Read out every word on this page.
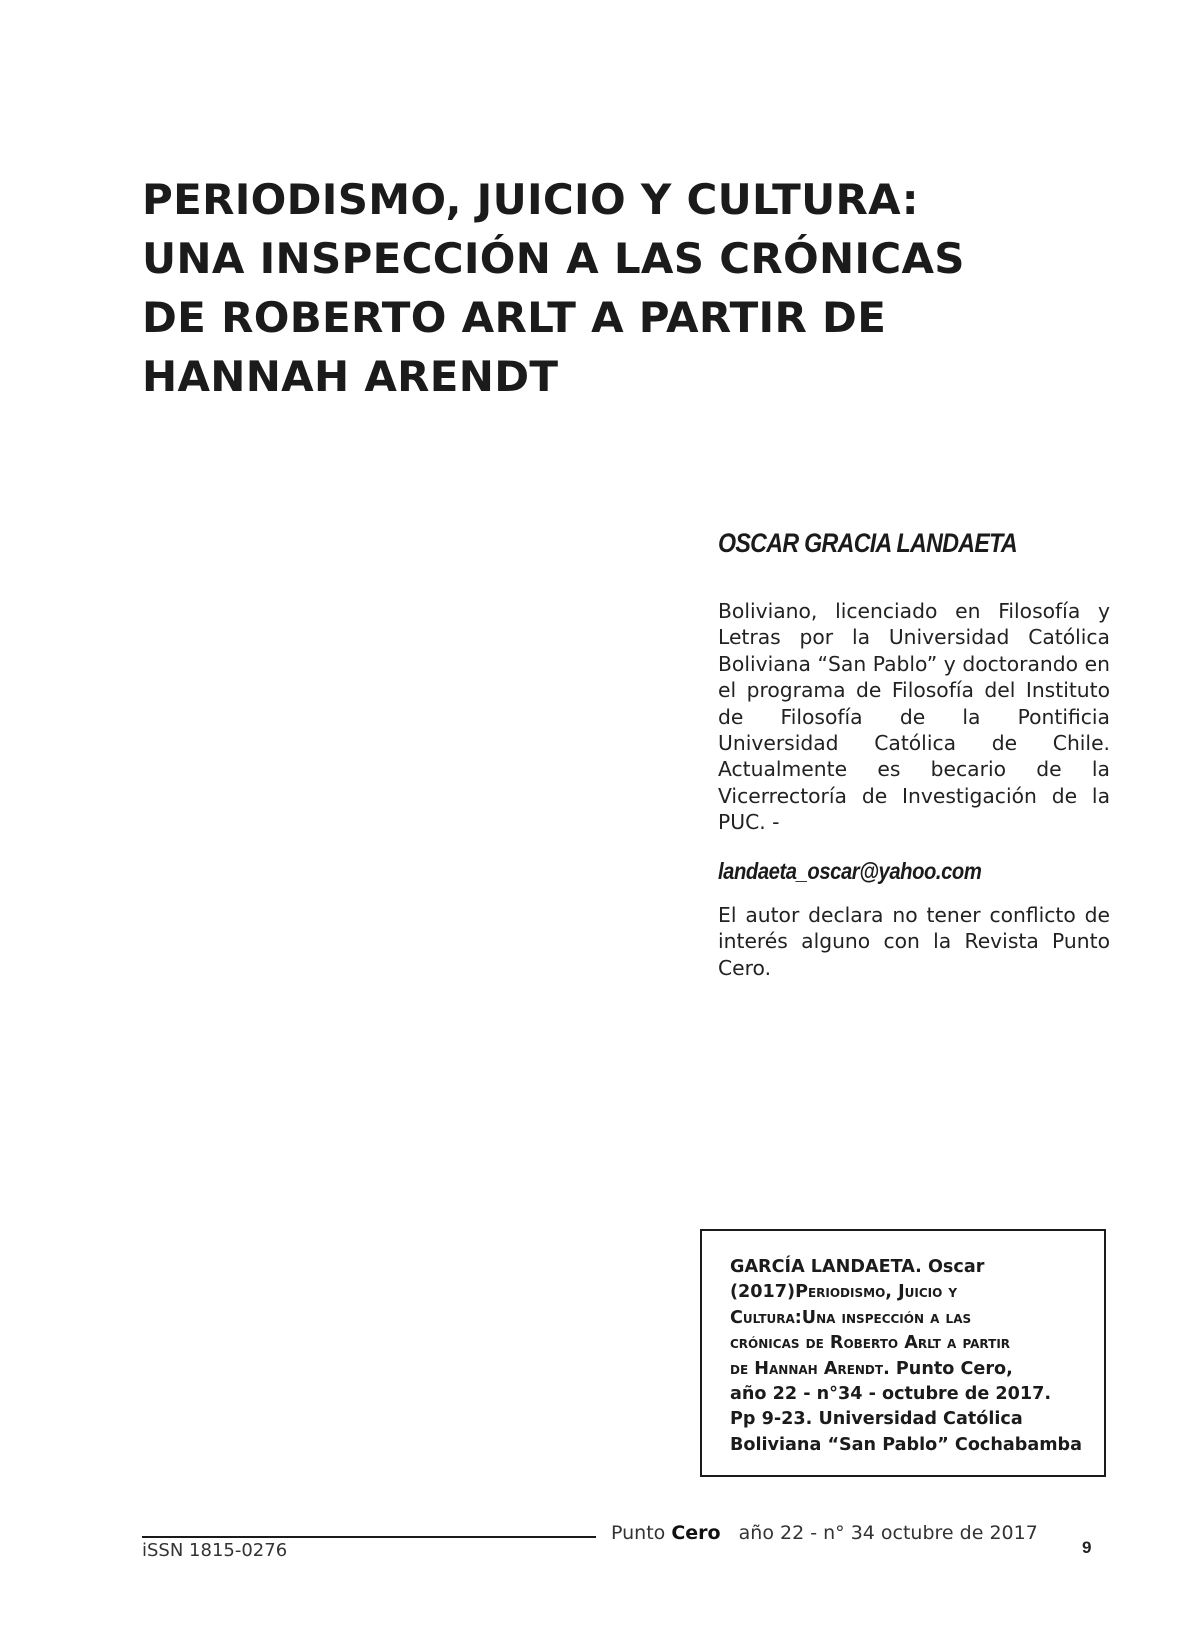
PERIODISMO, JUICIO Y CULTURA:
UNA INSPECCIÓN A LAS CRÓNICAS
DE ROBERTO ARLT A PARTIR DE
HANNAH ARENDT
OSCAR GRACIA LANDAETA

Boliviano, licenciado en Filosofía y Letras por la Universidad Católica Boliviana “San Pablo” y doctorando en el programa de Filosofía del Instituto de Filosofía de la Pontificia Universidad Católica de Chile. Actualmente es becario de la Vicerrectoría de Investigación de la PUC. -

landaeta_oscar@yahoo.com

El autor declara no tener conflicto de interés alguno con la Revista Punto Cero.

GARCÍA LANDAETA. Oscar
(2017)Periodismo, Juicio y
Cultura:Una inspección a las
crónicas de Roberto Arlt a partir
de Hannah Arendt. Punto Cero,
año 22 - n°34 - octubre de 2017.
Pp 9-23. Universidad Católica
Boliviana “San Pablo” Cochabamba
iSSN 1815-0276
Punto Cero año 22 - n° 34 octubre de 2017
9
